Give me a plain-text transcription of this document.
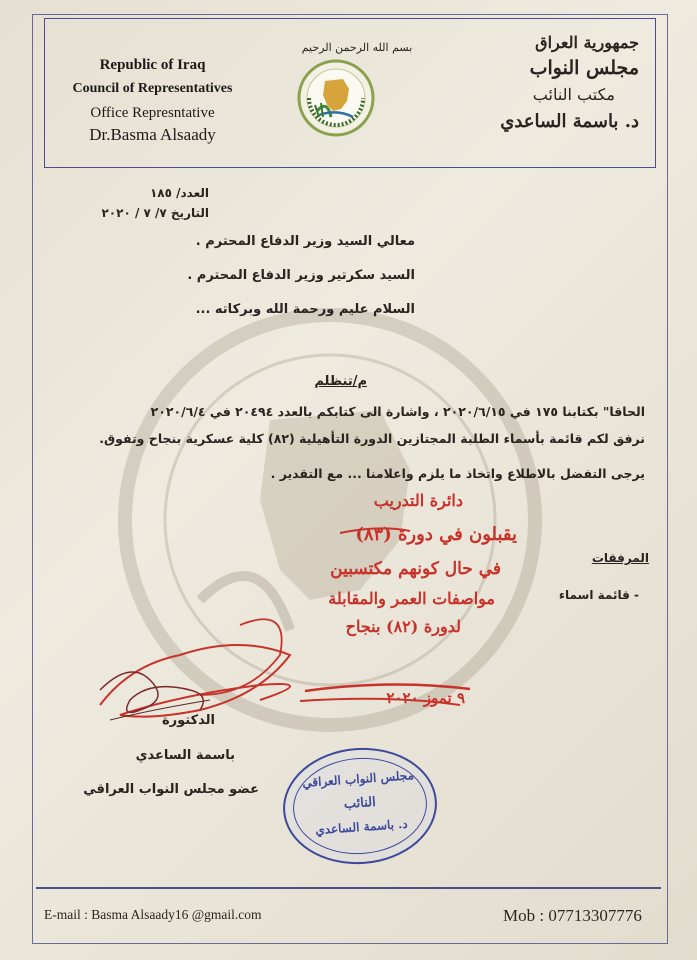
Republic of Iraq
Council of Representatives
Office Represntative
Dr.Basma Alsaady
بسم الله الرحمن الرحيم	جمهورية العراق
مجلس النواب
مكتب النائب
د. باسمة الساعدي
العدد/ ١٨٥
التاريخ ٧/ ٧ / ٢٠٢٠
معالي السيد وزير الدفاع المحترم .
السيد سكرتير وزير الدفاع المحترم .
السلام عليم ورحمة الله وبركاته ...
م/تنظلم
الحاقا" بكتابنا ١٧٥ في ٢٠٢٠/٦/١٥ ، واشارة الى كتابكم بالعدد ٢٠٤٩٤ في ٢٠٢٠/٦/٤
نرفق لكم قائمة بأسماء الطلبة المجتازين الدورة التأهيلية (٨٢) كلية عسكرية بنجاح وتفوق.
يرجى التفضل بالاطلاع واتخاذ ما يلزم واعلامنا ... مع التقدير .
المرفقات
- قائمة اسماء
دائرة التدريب
يقبلون في دورة (٨٣)
في حال كونهم مكتسبين
مواصفات العمر والمقابلة
لدورة (٨٢) بنجاح
٩ تموز ٢٠٢٠
الدكتورة
باسمة الساعدي
عضو مجلس النواب العراقي	مجلس النواب العراقي
النائب
د. باسمة الساعدي
E-mail : Basma Alsaady16 @gmail.com	Mob : 07713307776
